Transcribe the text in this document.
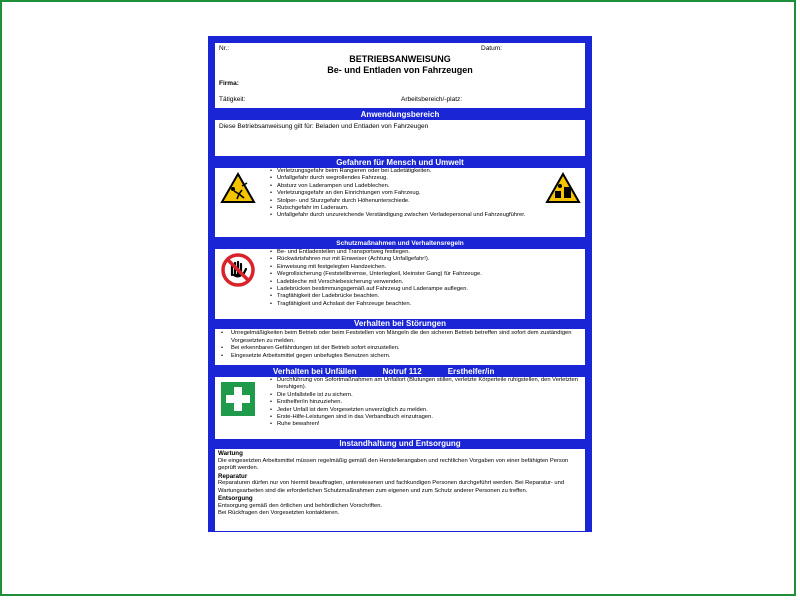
Nr.:	Datum:
BETRIEBSANWEISUNG
Be- und Entladen von Fahrzeugen
Firma:
Tätigkeit:	Arbeitsbereich/-platz:
Anwendungsbereich
Diese Betriebsanweisung gilt für: Beladen und Entladen von Fahrzeugen
Gefahren für Mensch und Umwelt
• Verletzungsgefahr beim Rangieren oder bei Ladetätigkeiten.
• Unfallgefahr durch wegrollendes Fahrzeug.
• Absturz von Laderampen und Ladeblechen.
• Verletzungsgefahr an den Einrichtungen vom Fahrzeug.
• Stolper- und Sturzgefahr durch Höhenunterschiede.
• Rutschgefahr im Laderaum.
• Unfallgefahr durch unzureichende Verständigung zwischen Verladepersonal und Fahrzeugführer.
Schutzmaßnahmen und Verhaltensregeln
• Be- und Entladestellen und Transportweg festlegen.
• Rückwärtsfahren nur mit Einweiser (Achtung Unfallgefahr!).
• Einweisung mit festgelegten Handzeichen.
• Wegrollsicherung (Feststellbremse, Unterlegkeil, kleinster Gang) für Fahrzeuge.
• Ladebleche mit Verschiebesicherung verwenden.
• Ladebrücken bestimmungsgemäß auf Fahrzeug und Laderampe auflegen.
• Tragfähigkeit der Ladebrücke beachten.
• Tragfähigkeit und Achslast der Fahrzeuge beachten.
Verhalten bei Störungen
• Unregelmäßigkeiten beim Betrieb oder beim Feststellen von Mängeln die den sicheren Betrieb betreffen sind sofort dem zuständigen Vorgesetzten zu melden.
• Bei erkennbaren Gefährdungen ist der Betrieb sofort einzustellen.
• Eingesetzte Arbeitsmittel gegen unbefugtes Benutzen sichern.
Verhalten bei Unfällen	Notruf 112	Ersthelfer/in
• Durchführung von Sofortmaßnahmen am Unfallort (Blutungen stillen, verletzte Körperteile ruhigstellen, den Verletzten beruhigen).
• Die Unfallstelle ist zu sichern.
• Ersthelfer/in hinzuziehen.
• Jeder Unfall ist dem Vorgesetzten unverzüglich zu melden.
• Erste-Hilfe-Leistungen sind in das Verbandbuch einzutragen.
• Ruhe bewahren!
Instandhaltung und Entsorgung
Wartung
Die eingesetzten Arbeitsmittel müssen regelmäßig gemäß den Herstellerangaben und rechtlichen Vorgaben von einer befähigten Person geprüft werden.
Reparatur
Reparaturen dürfen nur von hiermit beauftragten, unterwiesenen und fachkundigen Personen durchgeführt werden. Bei Reparatur- und Wartungsarbeiten sind die erforderlichen Schutzmaßnahmen zum eigenen und zum Schutz anderer Personen zu treffen.
Entsorgung
Entsorgung gemäß den örtlichen und behördlichen Vorschriften.
Bei Rückfragen den Vorgesetzten kontaktieren.
